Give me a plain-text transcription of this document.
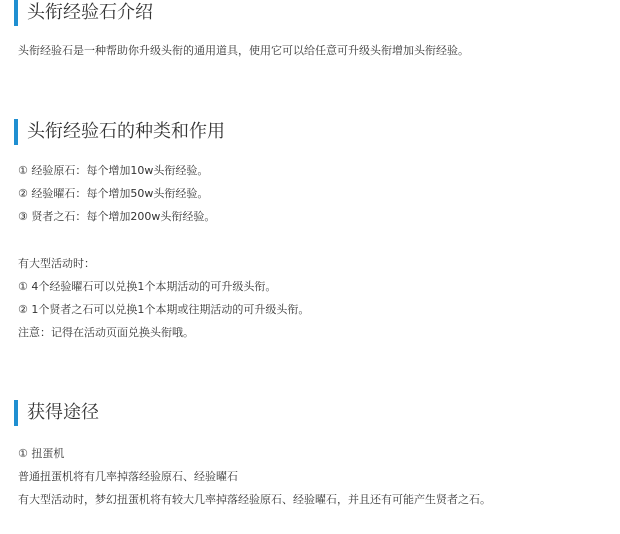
头衔经验石介绍
头衔经验石是一种帮助你升级头衔的通用道具，使用它可以给任意可升级头衔增加头衔经验。
头衔经验石的种类和作用
① 经验原石：每个增加10w头衔经验。
② 经验曜石：每个增加50w头衔经验。
③ 贤者之石：每个增加200w头衔经验。
有大型活动时：
① 4个经验曜石可以兑换1个本期活动的可升级头衔。
② 1个贤者之石可以兑换1个本期或往期活动的可升级头衔。
注意：记得在活动页面兑换头衔哦。
获得途径
① 扭蛋机
普通扭蛋机将有几率掉落经验原石、经验曜石
有大型活动时，梦幻扭蛋机将有较大几率掉落经验原石、经验曜石，并且还有可能产生贤者之石。
